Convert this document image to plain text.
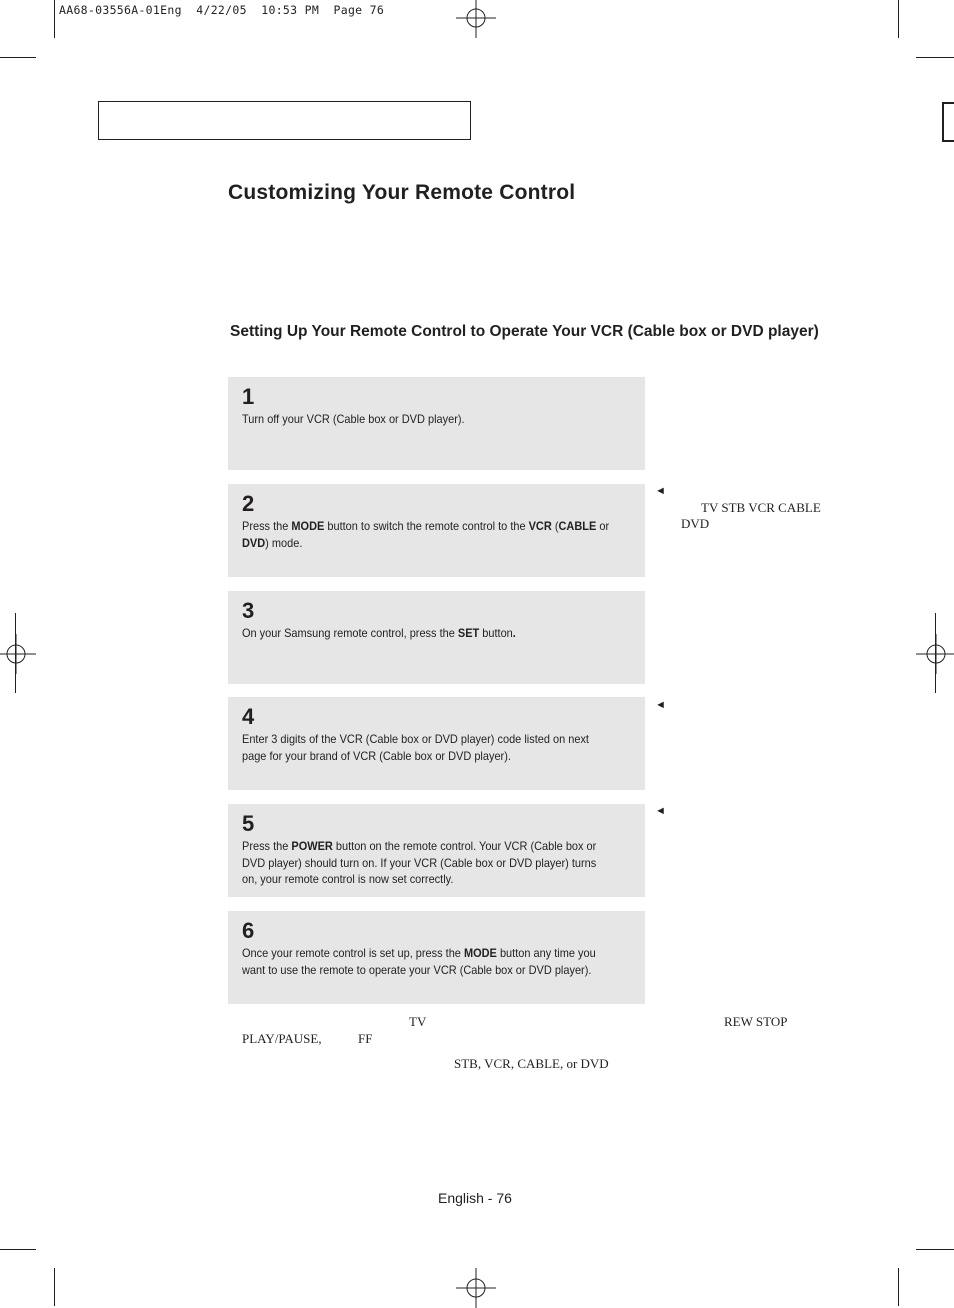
AA68-03556A-01Eng  4/22/05  10:53 PM  Page 76
Customizing Your Remote Control
Setting Up Your Remote Control to Operate Your VCR (Cable box or DVD player)
1
Turn off your VCR (Cable box or DVD player).
2
Press the MODE button to switch the remote control to the VCR (CABLE or DVD) mode.
3
On your Samsung remote control, press the SET button.
4
Enter 3 digits of the VCR (Cable box or DVD player) code listed on next page for your brand of VCR (Cable box or DVD player).
5
Press the POWER button on the remote control. Your VCR (Cable box or DVD player) should turn on. If your VCR (Cable box or DVD player) turns on, your remote control is now set correctly.
6
Once your remote control is set up, press the MODE button any time you want to use the remote to operate your VCR (Cable box or DVD player).
◄
TV STB VCR CABLE
DVD
◄
◄
TV	REW STOP
PLAY/PAUSE,	FF
STB, VCR, CABLE, or DVD
English - 76
